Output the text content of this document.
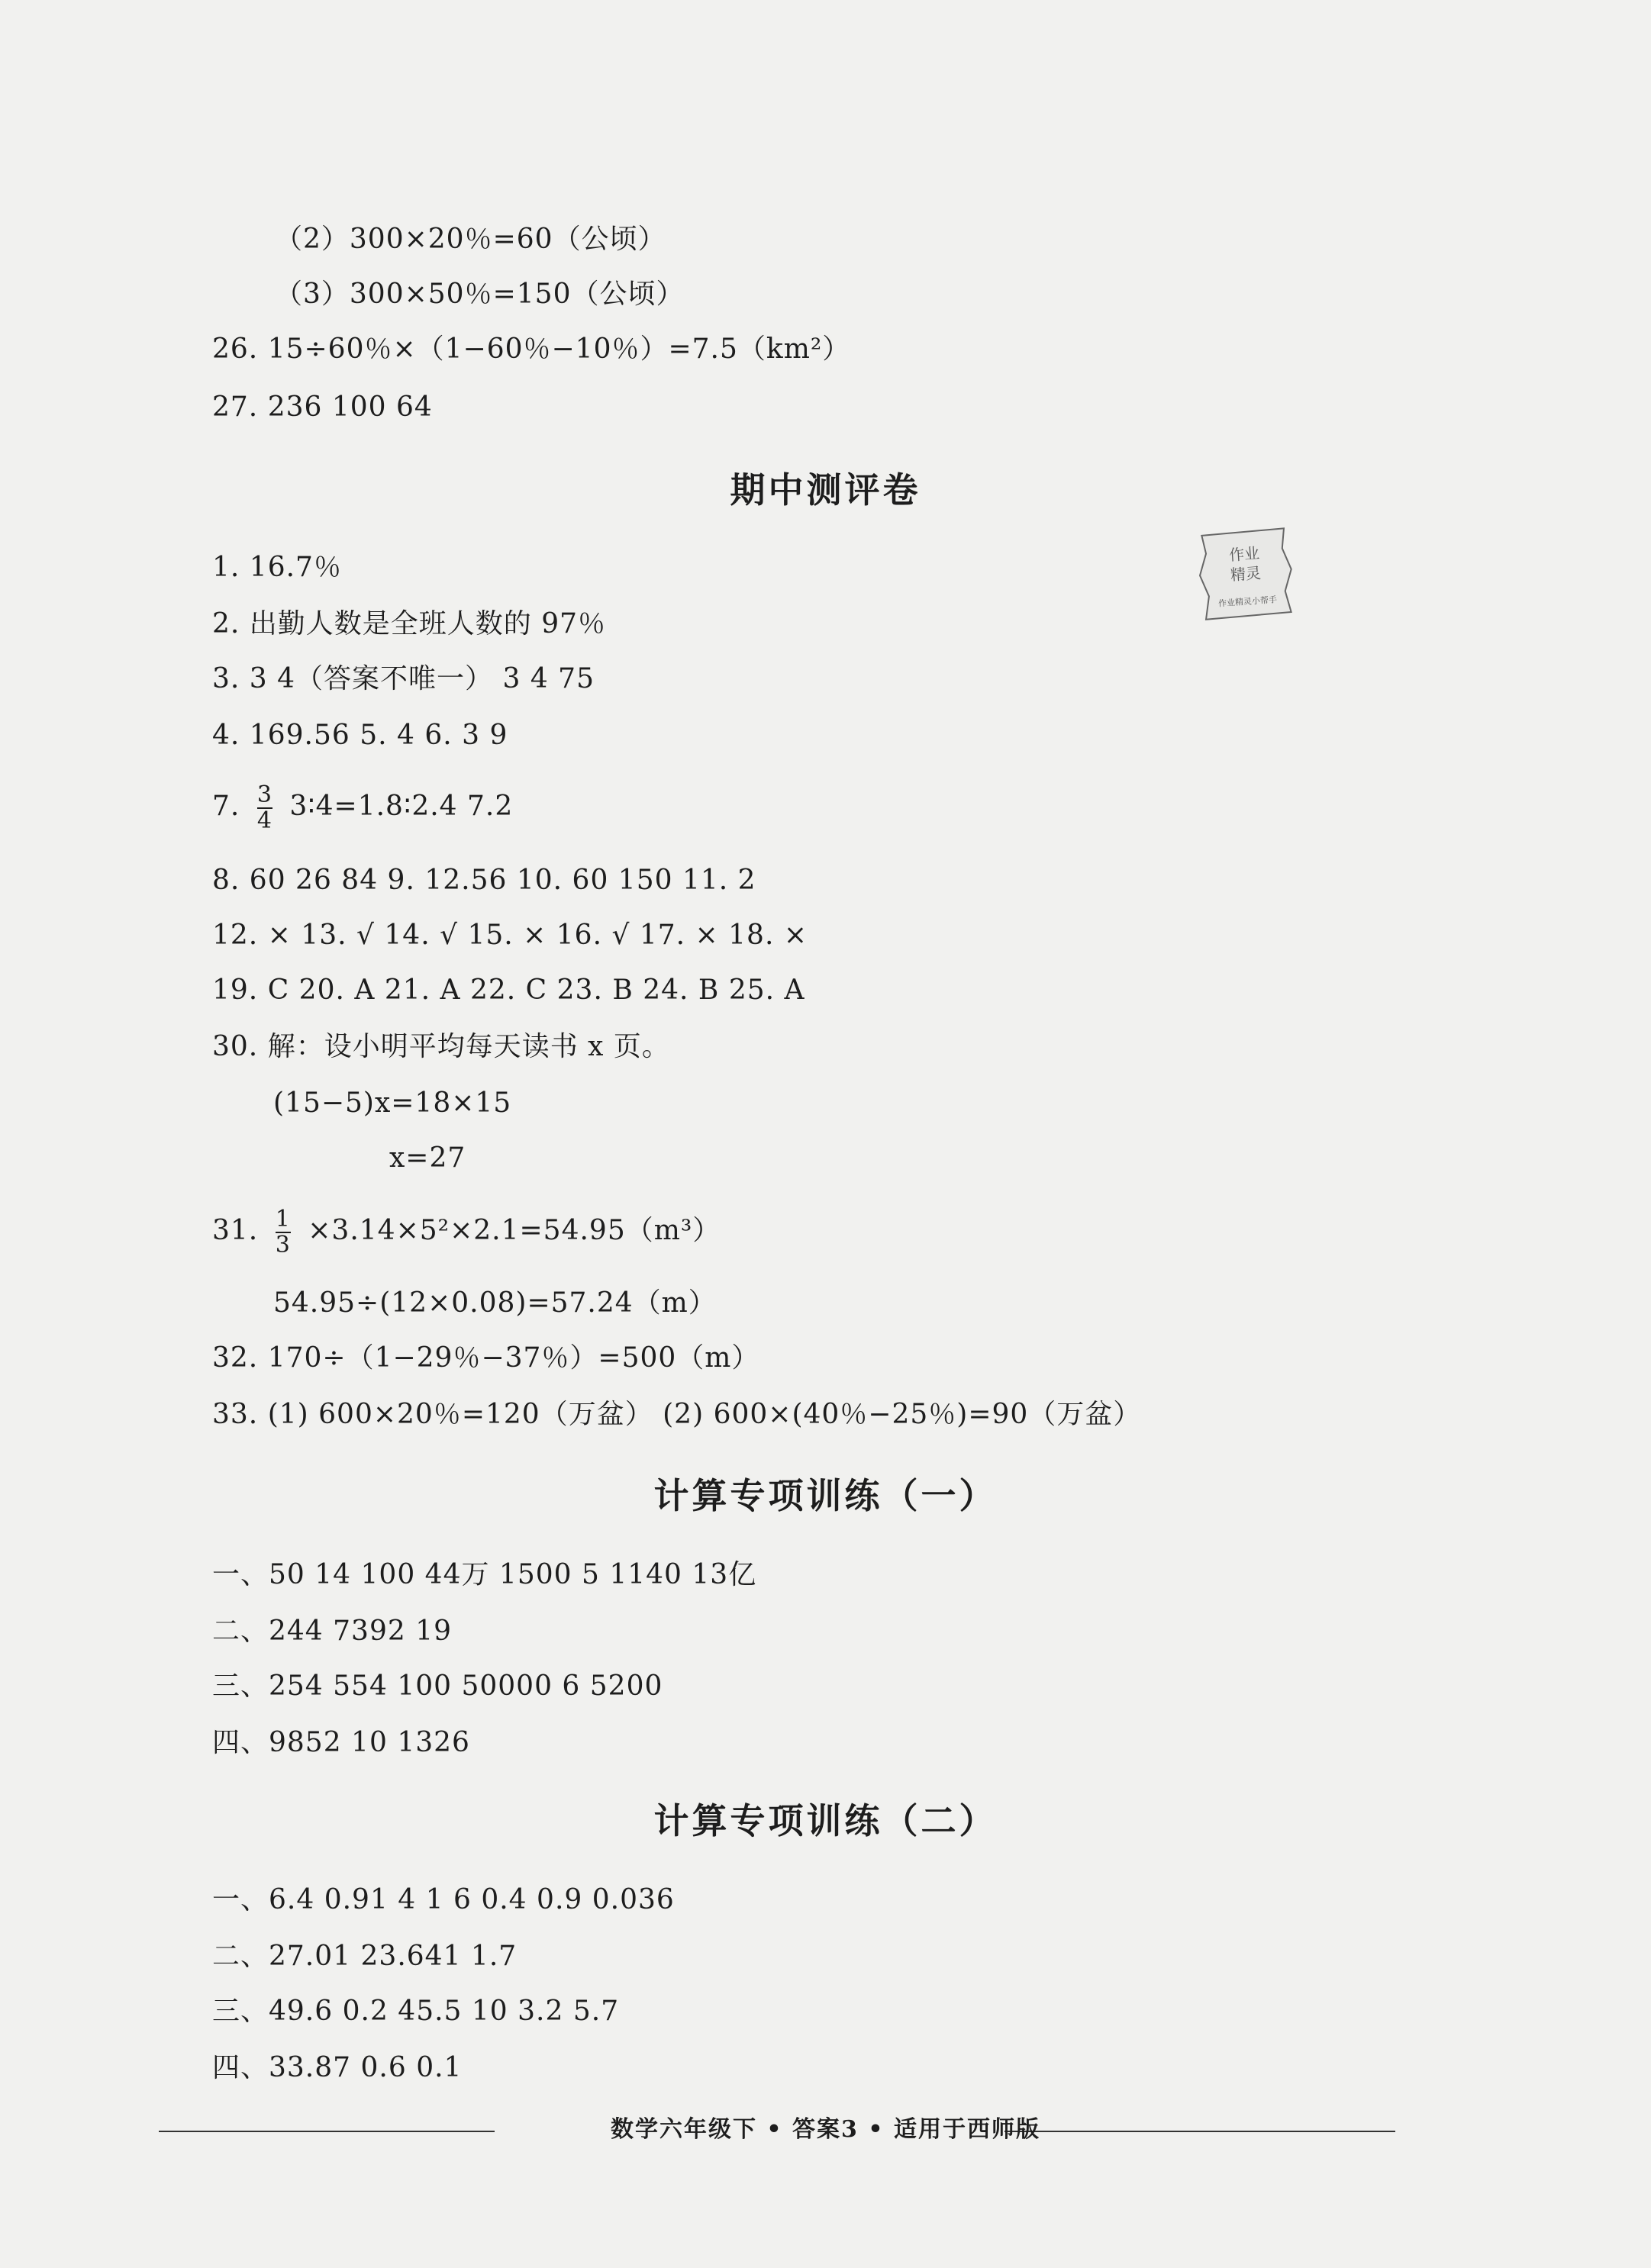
（2）300×20％=60（公顷）
（3）300×50％=150（公顷）
26. 15÷60％×（1−60％−10％）=7.5（km²）
27. 236 100 64
期中测评卷
1. 16.7％
2. 出勤人数是全班人数的 97％
3. 3 4（答案不唯一） 3 4 75
4. 169.56 5. 4 6. 3 9
7. $\frac{3}{4}$ 3∶4=1.8∶2.4 7.2
8. 60 26 84 9. 12.56 10. 60 150 11. 2
12. × 13. √ 14. √ 15. × 16. √ 17. × 18. ×
19. C 20. A 21. A 22. C 23. B 24. B 25. A
30. 解：设小明平均每天读书 x 页。
(15−5)x=18×15
x=27
31. $\frac{1}{3} \times 3.14\times 5^2\times 2.1=54.95(m^3)$
54.95÷(12×0.08)=57.24（m）
32. 170÷（1−29％−37％）=500（m）
33. (1) 600×20％=120（万盆） (2) 600×(40％−25％)=90（万盆）
计算专项训练（一）
一、50 14 100 44万 1500 5 1140 13亿
二、244 7392 19
三、254 554 100 50000 6 5200
四、9852 10 1326
计算专项训练（二）
一、6.4 0.91 4 1 6 0.4 0.9 0.036
二、27.01 23.641 1.7
三、49.6 0.2 45.5 10 3.2 5.7
四、33.87 0.6 0.1
数学六年级下 • 答案3 • 适用于西师版
作业
精灵
作业精灵小帮手
